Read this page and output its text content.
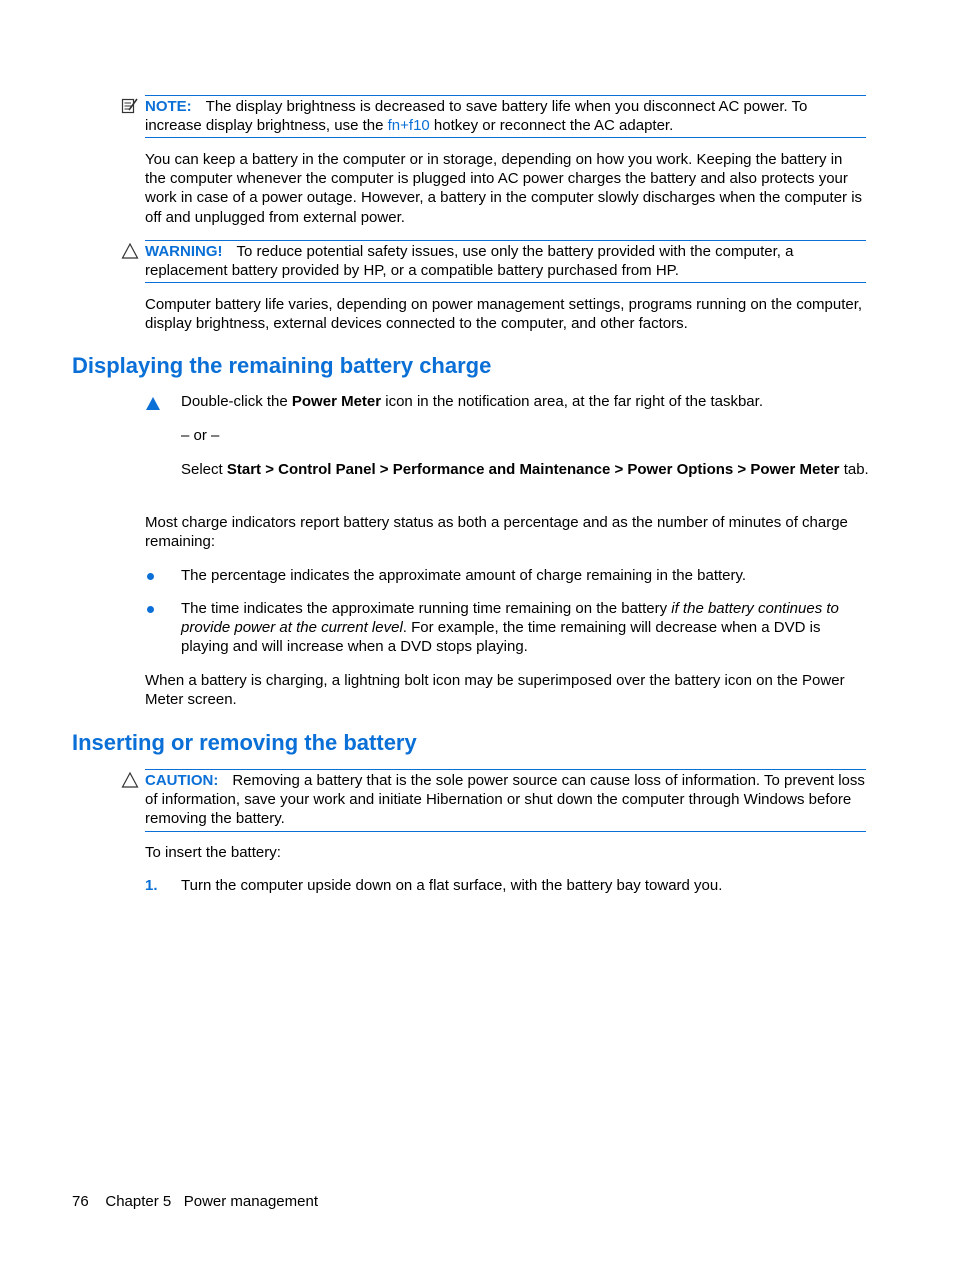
NOTE: The display brightness is decreased to save battery life when you disconnect AC power. To increase display brightness, use the fn+f10 hotkey or reconnect the AC adapter.

You can keep a battery in the computer or in storage, depending on how you work. Keeping the battery in the computer whenever the computer is plugged into AC power charges the battery and also protects your work in case of a power outage. However, a battery in the computer slowly discharges when the computer is off and unplugged from external power.

WARNING! To reduce potential safety issues, use only the battery provided with the computer, a replacement battery provided by HP, or a compatible battery purchased from HP.

Computer battery life varies, depending on power management settings, programs running on the computer, display brightness, external devices connected to the computer, and other factors.

Displaying the remaining battery charge

Double-click the Power Meter icon in the notification area, at the far right of the taskbar.

– or –

Select Start > Control Panel > Performance and Maintenance > Power Options > Power Meter tab.

Most charge indicators report battery status as both a percentage and as the number of minutes of charge remaining:

The percentage indicates the approximate amount of charge remaining in the battery.

The time indicates the approximate running time remaining on the battery if the battery continues to provide power at the current level. For example, the time remaining will decrease when a DVD is playing and will increase when a DVD stops playing.

When a battery is charging, a lightning bolt icon may be superimposed over the battery icon on the Power Meter screen.

Inserting or removing the battery
CAUTION: Removing a battery that is the sole power source can cause loss of information. To prevent loss of information, save your work and initiate Hibernation or shut down the computer through Windows before removing the battery.

To insert the battery:

1. Turn the computer upside down on a flat surface, with the battery bay toward you.

76 Chapter 5 Power management
